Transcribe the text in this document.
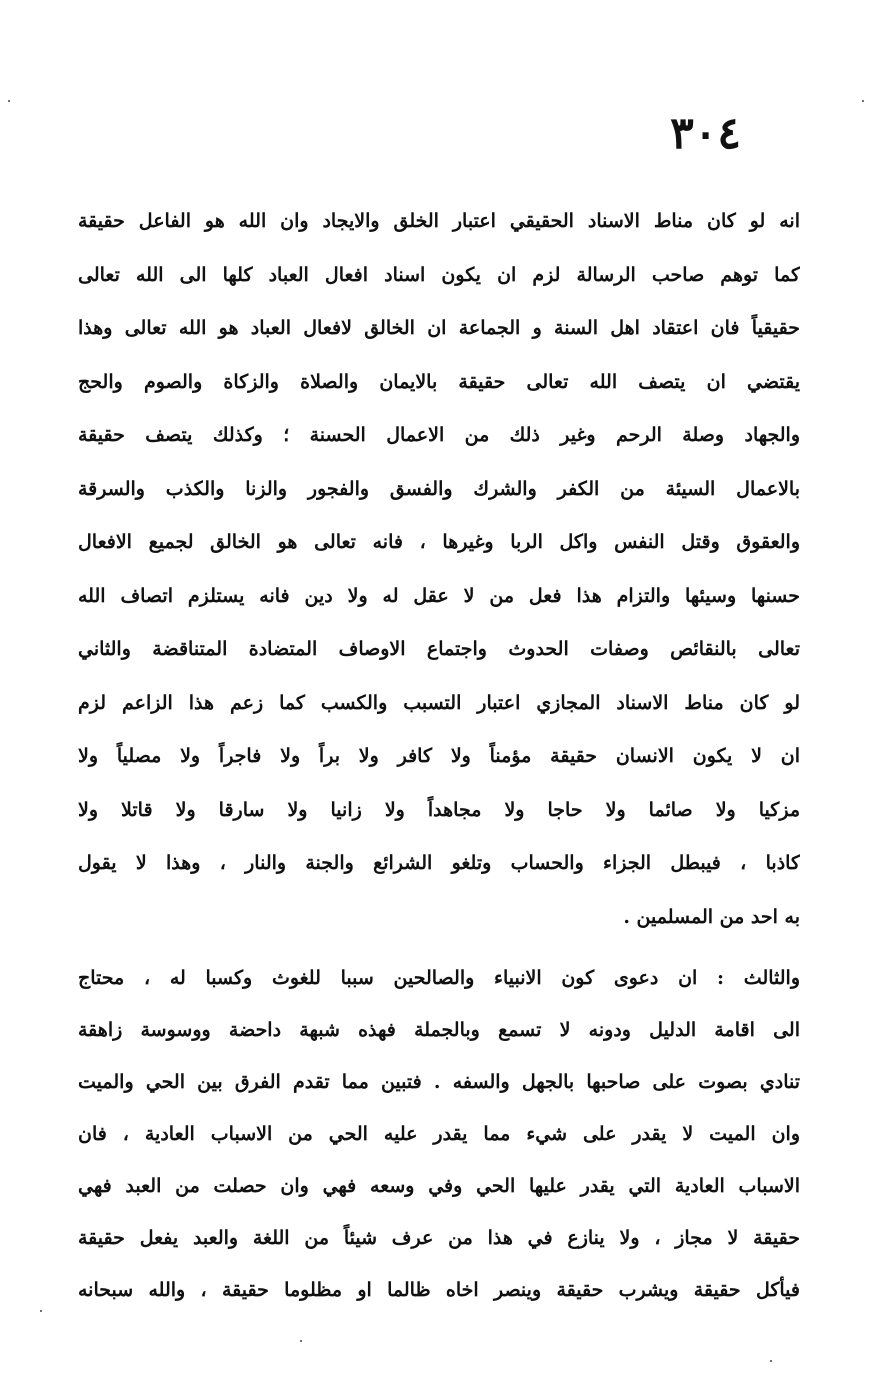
٣٠٤
انه لو كان مناط الاسناد الحقيقي اعتبار الخلق والايجاد وان الله هو الفاعل حقيقة
كما توهم صاحب الرسالة لزم ان يكون اسناد افعال العباد كلها الى الله تعالى
حقيقياً فان اعتقاد اهل السنة و الجماعة ان الخالق لافعال العباد هو الله تعالى وهذا
يقتضي ان يتصف الله تعالى حقيقة بالايمان والصلاة والزكاة والصوم والحج
والجهاد وصلة الرحم وغير ذلك من الاعمال الحسنة ؛ وكذلك يتصف حقيقة
بالاعمال السيئة من الكفر والشرك والفسق والفجور والزنا والكذب والسرقة
والعقوق وقتل النفس واكل الربا وغيرها ، فانه تعالى هو الخالق لجميع الافعال
حسنها وسيئها والتزام هذا فعل من لا عقل له ولا دين فانه يستلزم اتصاف الله
تعالى بالنقائص وصفات الحدوث واجتماع الاوصاف المتضادة المتناقضة والثاني
لو كان مناط الاسناد المجازي اعتبار التسبب والكسب كما زعم هذا الزاعم لزم
ان لا يكون الانسان حقيقة مؤمناً ولا كافر ولا براً ولا فاجراً ولا مصلياً ولا
مزكيا ولا صائما ولا حاجا ولا مجاهداً ولا زانيا ولا سارقا ولا قاتلا ولا
كاذبا ، فيبطل الجزاء والحساب وتلغو الشرائع والجنة والنار ، وهذا لا يقول
به احد من المسلمين .
والثالث : ان دعوى كون الانبياء والصالحين سببا للغوث وكسبا له ، محتاج
الى اقامة الدليل ودونه لا تسمع وبالجملة فهذه شبهة داحضة ووسوسة زاهقة
تنادي بصوت على صاحبها بالجهل والسفه . فتبين مما تقدم الفرق بين الحي والميت
وان الميت لا يقدر على شيء مما يقدر عليه الحي من الاسباب العادية ، فان
الاسباب العادية التي يقدر عليها الحي وفي وسعه فهي وان حصلت من العبد فهي
حقيقة لا مجاز ، ولا ينازع في هذا من عرف شيئاً من اللغة والعبد يفعل حقيقة
فيأكل حقيقة ويشرب حقيقة وينصر اخاه ظالما او مظلوما حقيقة ، والله سبحانه
